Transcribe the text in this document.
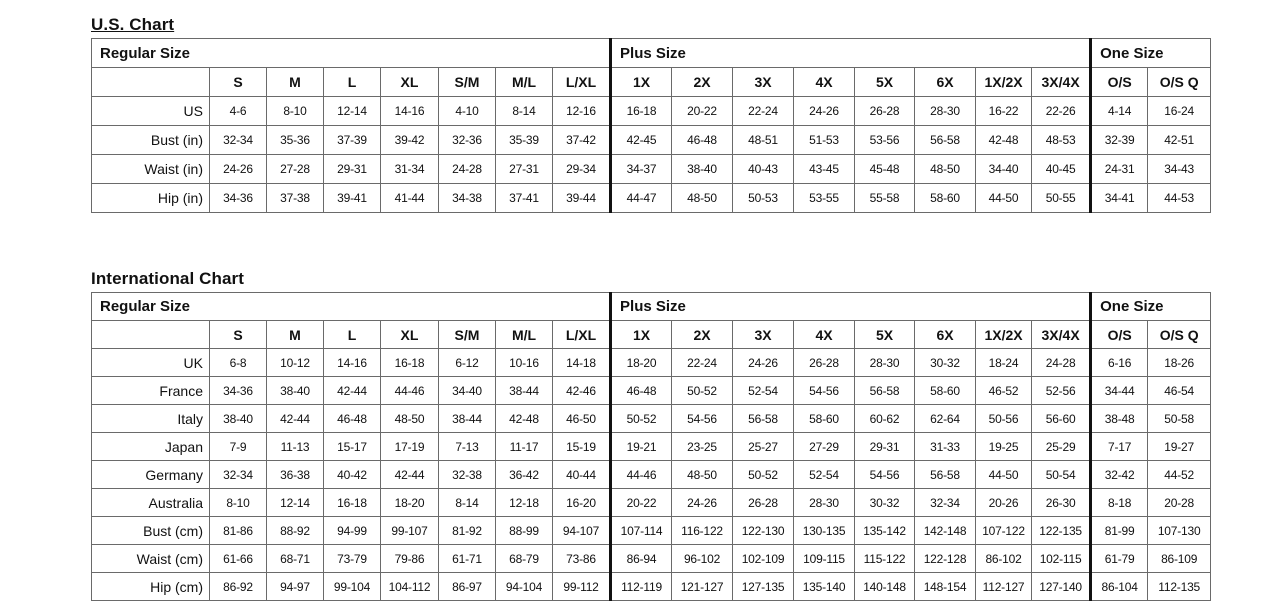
U.S. Chart
Regular Size								Plus Size								One Size	
	S	M	L	XL	S/M	M/L	L/XL	1X	2X	3X	4X	5X	6X	1X/2X	3X/4X	O/S	O/S Q
US	4-6	8-10	12-14	14-16	4-10	8-14	12-16	16-18	20-22	22-24	24-26	26-28	28-30	16-22	22-26	4-14	16-24
Bust (in)	32-34	35-36	37-39	39-42	32-36	35-39	37-42	42-45	46-48	48-51	51-53	53-56	56-58	42-48	48-53	32-39	42-51
Waist (in)	24-26	27-28	29-31	31-34	24-28	27-31	29-34	34-37	38-40	40-43	43-45	45-48	48-50	34-40	40-45	24-31	34-43
Hip (in)	34-36	37-38	39-41	41-44	34-38	37-41	39-44	44-47	48-50	50-53	53-55	55-58	58-60	44-50	50-55	34-41	44-53
International Chart
Regular Size								Plus Size								One Size	
	S	M	L	XL	S/M	M/L	L/XL	1X	2X	3X	4X	5X	6X	1X/2X	3X/4X	O/S	O/S Q
UK	6-8	10-12	14-16	16-18	6-12	10-16	14-18	18-20	22-24	24-26	26-28	28-30	30-32	18-24	24-28	6-16	18-26
France	34-36	38-40	42-44	44-46	34-40	38-44	42-46	46-48	50-52	52-54	54-56	56-58	58-60	46-52	52-56	34-44	46-54
Italy	38-40	42-44	46-48	48-50	38-44	42-48	46-50	50-52	54-56	56-58	58-60	60-62	62-64	50-56	56-60	38-48	50-58
Japan	7-9	11-13	15-17	17-19	7-13	11-17	15-19	19-21	23-25	25-27	27-29	29-31	31-33	19-25	25-29	7-17	19-27
Germany	32-34	36-38	40-42	42-44	32-38	36-42	40-44	44-46	48-50	50-52	52-54	54-56	56-58	44-50	50-54	32-42	44-52
Australia	8-10	12-14	16-18	18-20	8-14	12-18	16-20	20-22	24-26	26-28	28-30	30-32	32-34	20-26	26-30	8-18	20-28
Bust (cm)	81-86	88-92	94-99	99-107	81-92	88-99	94-107	107-114	116-122	122-130	130-135	135-142	142-148	107-122	122-135	81-99	107-130
Waist (cm)	61-66	68-71	73-79	79-86	61-71	68-79	73-86	86-94	96-102	102-109	109-115	115-122	122-128	86-102	102-115	61-79	86-109
Hip (cm)	86-92	94-97	99-104	104-112	86-97	94-104	99-112	112-119	121-127	127-135	135-140	140-148	148-154	112-127	127-140	86-104	112-135
